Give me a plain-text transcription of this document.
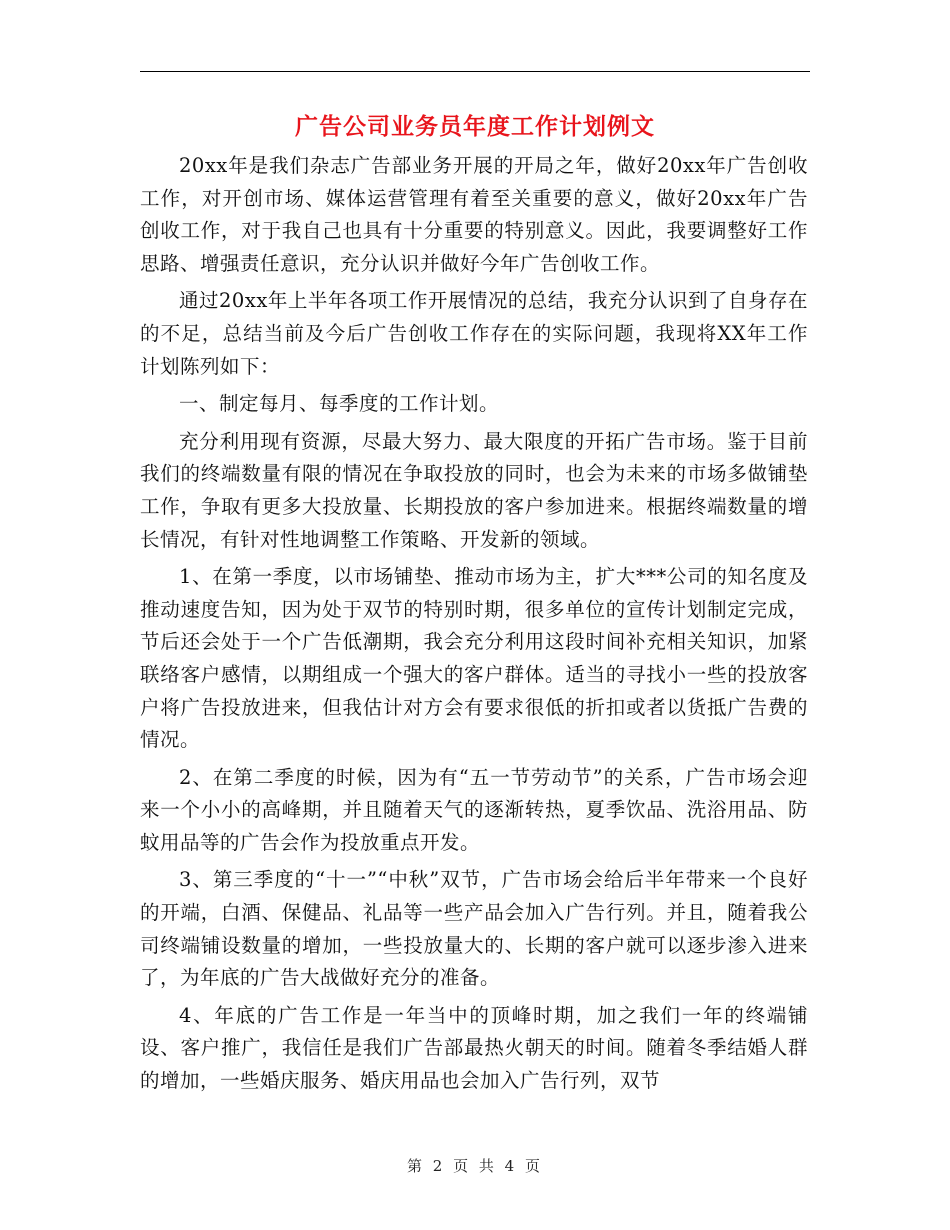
广告公司业务员年度工作计划例文

20xx年是我们杂志广告部业务开展的开局之年，做好20xx年广告创收工作，对开创市场、媒体运营管理有着至关重要的意义，做好20xx年广告创收工作，对于我自己也具有十分重要的特别意义。因此，我要调整好工作思路、增强责任意识，充分认识并做好今年广告创收工作。

通过20xx年上半年各项工作开展情况的总结，我充分认识到了自身存在的不足，总结当前及今后广告创收工作存在的实际问题，我现将XX年工作计划陈列如下：

一、制定每月、每季度的工作计划。

充分利用现有资源，尽最大努力、最大限度的开拓广告市场。鉴于目前我们的终端数量有限的情况在争取投放的同时，也会为未来的市场多做铺垫工作，争取有更多大投放量、长期投放的客户参加进来。根据终端数量的增长情况，有针对性地调整工作策略、开发新的领域。

1、在第一季度，以市场铺垫、推动市场为主，扩大***公司的知名度及推动速度告知，因为处于双节的特别时期，很多单位的宣传计划制定完成，节后还会处于一个广告低潮期，我会充分利用这段时间补充相关知识，加紧联络客户感情，以期组成一个强大的客户群体。适当的寻找小一些的投放客户将广告投放进来，但我估计对方会有要求很低的折扣或者以货抵广告费的情况。

2、在第二季度的时候，因为有“五一节劳动节”的关系，广告市场会迎来一个小小的高峰期，并且随着天气的逐渐转热，夏季饮品、洗浴用品、防蚊用品等的广告会作为投放重点开发。

3、第三季度的“十一”“中秋”双节，广告市场会给后半年带来一个良好的开端，白酒、保健品、礼品等一些产品会加入广告行列。并且，随着我公司终端铺设数量的增加，一些投放量大的、长期的客户就可以逐步渗入进来了，为年底的广告大战做好充分的准备。

4、年底的广告工作是一年当中的顶峰时期，加之我们一年的终端铺设、客户推广，我信任是我们广告部最热火朝天的时间。随着冬季结婚人群的增加，一些婚庆服务、婚庆用品也会加入广告行列，双节

第 2 页 共 4 页
